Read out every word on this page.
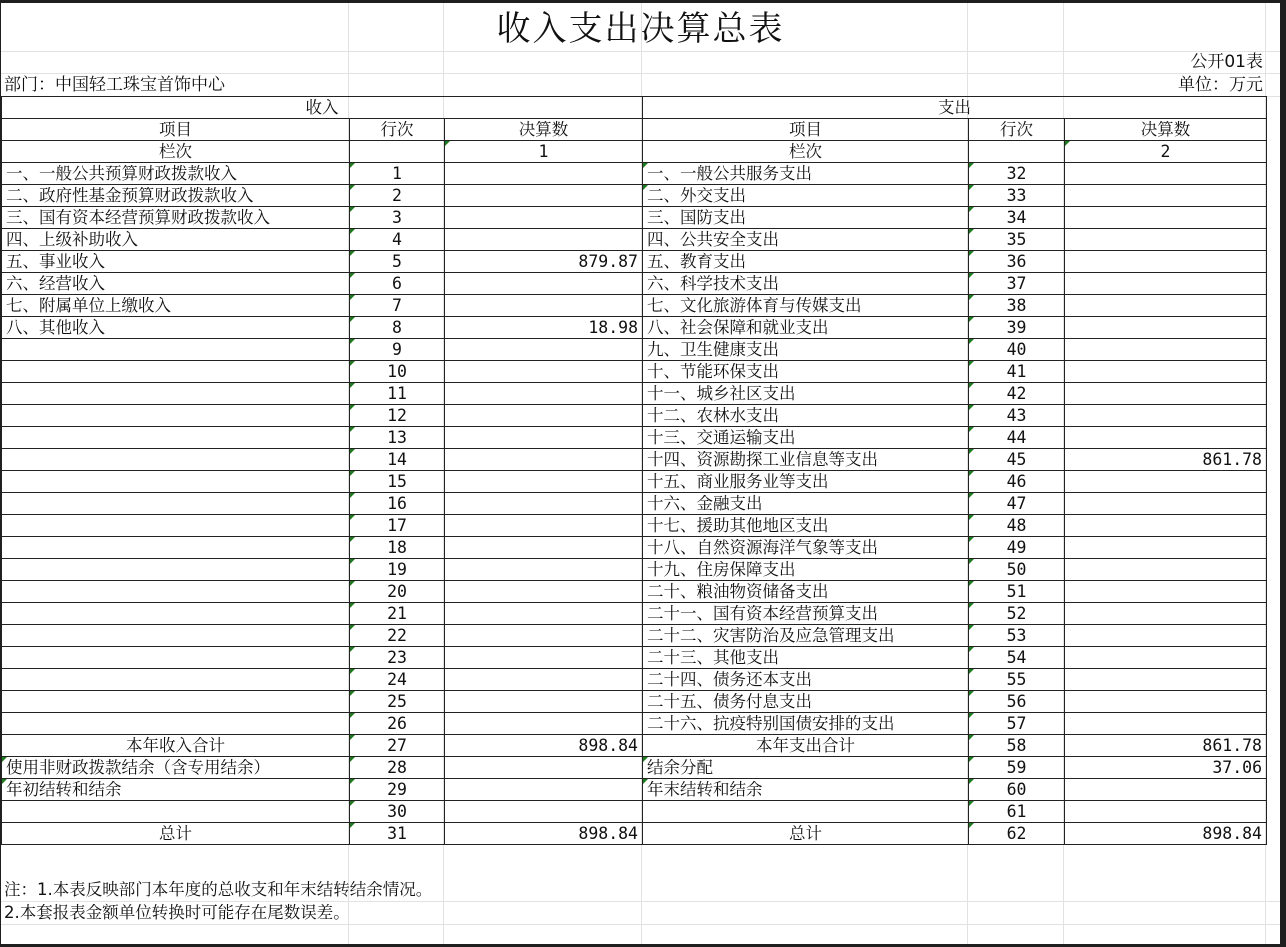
收入支出决算总表
公开01表
部门：中国轻工珠宝首饰中心	单位：万元
收入			支出		
项目	行次	决算数	项目	行次	决算数
栏次		1	栏次		2
一、一般公共预算财政拨款收入	1		一、一般公共服务支出	32	
二、政府性基金预算财政拨款收入	2		二、外交支出	33	
三、国有资本经营预算财政拨款收入	3		三、国防支出	34	
四、上级补助收入	4		四、公共安全支出	35	
五、事业收入	5	879.87	五、教育支出	36	
六、经营收入	6		六、科学技术支出	37	
七、附属单位上缴收入	7		七、文化旅游体育与传媒支出	38	
八、其他收入	8	18.98	八、社会保障和就业支出	39	
	9		九、卫生健康支出	40	
	10		十、节能环保支出	41	
	11		十一、城乡社区支出	42	
	12		十二、农林水支出	43	
	13		十三、交通运输支出	44	
	14		十四、资源勘探工业信息等支出	45	861.78
	15		十五、商业服务业等支出	46	
	16		十六、金融支出	47	
	17		十七、援助其他地区支出	48	
	18		十八、自然资源海洋气象等支出	49	
	19		十九、住房保障支出	50	
	20		二十、粮油物资储备支出	51	
	21		二十一、国有资本经营预算支出	52	
	22		二十二、灾害防治及应急管理支出	53	
	23		二十三、其他支出	54	
	24		二十四、债务还本支出	55	
	25		二十五、债务付息支出	56	
	26		二十六、抗疫特别国债安排的支出	57	
本年收入合计	27	898.84	本年支出合计	58	861.78
使用非财政拨款结余（含专用结余）	28		结余分配	59	37.06
年初结转和结余	29		年末结转和结余	60	
	30			61	
总计	31	898.84	总计	62	898.84
注：1.本表反映部门本年度的总收支和年末结转结余情况。
2.本套报表金额单位转换时可能存在尾数误差。
